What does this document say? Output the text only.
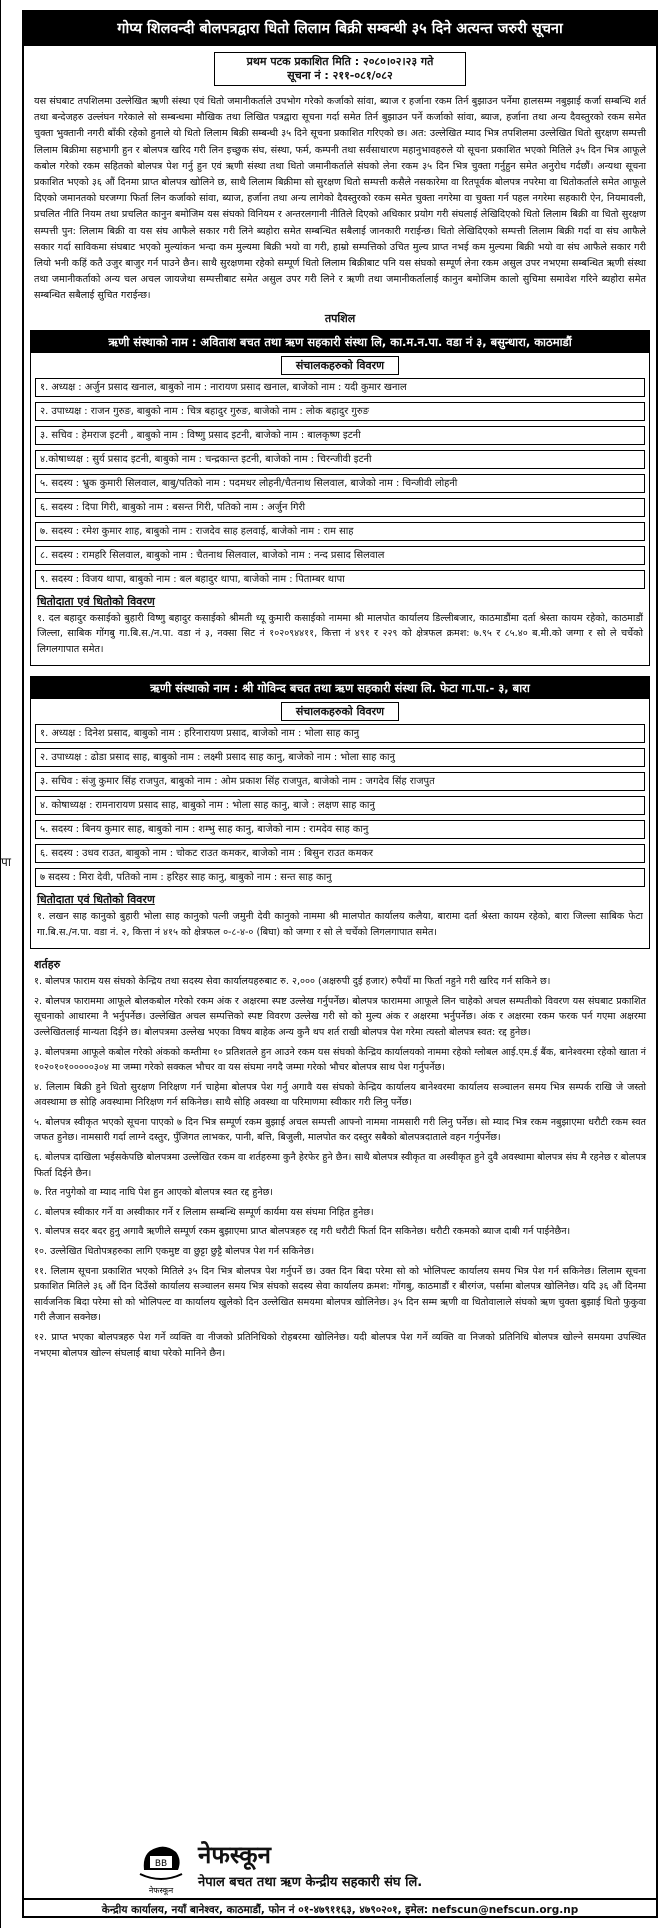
पा
गोप्य शिलवन्दी बोलपत्रद्वारा धितो लिलाम बिक्री सम्बन्धी ३५ दिने अत्यन्त जरुरी सूचना
प्रथम पटक प्रकाशित मिति : २०८०।०२।२३ गते
सूचना नं : २११-०८१/०८२
यस संघबाट तपशिलमा उल्लेखित ऋणी संस्था एवं धितो जमानीकर्ताले उपभोग गरेको कर्जाको सांवा, ब्याज र हर्जाना रकम तिर्न बुझाउन पर्नेमा हालसम्म नबुझाई कर्जा सम्बन्धि शर्त तथा बन्देजहरु उल्लंघन गरेकाले सो सम्बन्धमा मौखिक तथा लिखित पत्रद्वारा सूचना गर्दा समेत तिर्न बुझाउन पर्ने कर्जाको सांवा, ब्याज, हर्जाना तथा अन्य दैवस्तुरको रकम समेत चुक्ता भुक्तानी नगरी बाँकी रहेको हुनाले यो धितो लिलाम बिक्री सम्बन्धी ३५ दिने सूचना प्रकाशित गरिएको छ। अत: उल्लेखित म्याद भित्र तपशिलमा उल्लेखित धितो सुरक्षण सम्पत्ती लिलाम बिक्रीमा सहभागी हुन र बोलपत्र खरिद गरी लिन इच्छुक संघ, संस्था, फर्म, कम्पनी तथा सर्वसाधारण महानुभावहरुले यो सूचना प्रकाशित भएको मितिले ३५ दिन भित्र आफूले कबोल गरेको रकम सहितको बोलपत्र पेश गर्नु हुन एवं ऋणी संस्था तथा धितो जमानीकर्ताले संघको लेना रकम ३५ दिन भित्र चुक्ता गर्नुहुन समेत अनुरोध गर्दछौं। अन्यथा सूचना प्रकाशित भएको ३६ औं दिनमा प्राप्त बोलपत्र खोलिने छ, साथै लिलाम बिक्रीमा सो सुरक्षण धितो सम्पत्ती कसैले नसकारेमा वा रितपूर्वक बोलपत्र नपरेमा वा धितोकर्ताले समेत आफूले दिएको जमानतको घरजग्गा फिर्ता लिन कर्जाको सांवा, ब्याज, हर्जाना तथा अन्य लागेको दैवस्तुरको रकम समेत चुक्ता नगरेमा वा चुक्ता गर्न पहल नगरेमा सहकारी ऐन, नियमावली, प्रचलित नीति नियम तथा प्रचलित कानुन बमोजिम यस संघको विनियम र अन्तरलगानी नीतिले दिएको अधिकार प्रयोग गरी संघलाई लेखिदिएको धितो लिलाम बिक्री वा धितो सुरक्षण सम्पत्ती पुन: लिलाम बिक्री वा यस संघ आफैले सकार गरी लिने ब्यहोरा समेत सम्बन्धित सबैलाई जानकारी गराईन्छ। धितो लेखिदिएको सम्पत्ती लिलाम बिक्री गर्दा वा संघ आफैले सकार गर्दा साविकमा संघबाट भएको मुल्यांकन भन्दा कम मुल्यमा बिक्री भयो वा गरी, हाम्रो सम्पत्तिको उचित मुल्य प्राप्त नभई कम मुल्यमा बिक्री भयो वा संघ आफैले सकार गरी लियो भनी कहिं कतै उजुर बाजुर गर्न पाउने छैन। साथै सुरक्षणमा रहेको सम्पूर्ण धितो लिलाम बिक्रीबाट पनि यस संघको सम्पूर्ण लेना रकम असुल उपर नभएमा सम्बन्धित ऋणी संस्था तथा जमानीकर्ताको अन्य चल अचल जायजेथा सम्पत्तीबाट समेत असुल उपर गरी लिने र ऋणी तथा जमानीकर्तालाई कानुन बमोजिम कालो सुचिमा समावेश गरिने ब्यहोरा समेत सम्बन्धित सबैलाई सुचित गराईन्छ।
तपशिल
ऋणी संस्थाको नाम : अविताश बचत तथा ऋण सहकारी संस्था लि, का.म.न.पा. वडा नं ३, बसुन्धारा, काठमाडौं
संचालकहरुको विवरण
१. अध्यक्ष : अर्जुन प्रसाद खनाल, बाबुको नाम : नारायण प्रसाद खनाल, बाजेको नाम : यदी कुमार खनाल
२. उपाध्यक्ष : राजन गुरुङ, बाबुको नाम : चित्र बहादुर गुरुङ, बाजेको नाम : लोक बहादुर गुरुङ
३. सचिव : हेमराज इटनी , बाबुको नाम : विष्णु प्रसाद इटनी, बाजेको नाम : बालकृष्ण इटनी
४.कोषाध्यक्ष : सुर्य प्रसाद इटनी, बाबुको नाम : चन्द्रकान्त इटनी, बाजेको नाम : चिरन्जीवी इटनी
५. सदस्य : भ्रुक कुमारी सिलवाल, बाबु/पतिको नाम : पदमधर लोहनी/चैतनाथ सिलवाल, बाजेको नाम : चिन्जीवी लोहनी
६. सदस्य : दिपा गिरी, बाबुको नाम : बसन्त गिरी, पतिको नाम : अर्जुन गिरी
७. सदस्य : रमेश कुमार शाह, बाबुको नाम : राजदेव साह हलवाई, बाजेको नाम : राम साह
८. सदस्य : रामहरि सिलवाल, बाबुको नाम : चैतनाथ सिलवाल, बाजेको नाम : नन्द प्रसाद सिलवाल
९. सदस्य : विजय थापा, बाबुको नाम : बल बहादुर थापा, बाजेको नाम : पिताम्बर थापा
धितोदाता एवं धितोको विवरण
१. दल बहादुर कसाईको बुहारी विष्णु बहादुर कसाईको श्रीमती ध्यू कुमारी कसाईको नाममा श्री मालपोत कार्यालय डिल्लीबजार, काठमाडौंमा दर्ता श्रेस्ता कायम रहेको, काठमाडौं जिल्ला, साबिक गोंगबु गा.बि.स./न.पा. वडा नं ३, नक्सा सिट नं १०२०९४४११, कित्ता नं ४९१ र २२९ को क्षेत्रफल क्रमश: ७.९५ र ८५.४० ब.मी.को जग्गा र सो ले चर्चेको लिगलगापात समेत।
ऋणी संस्थाको नाम : श्री गोविन्द बचत तथा ऋण सहकारी संस्था लि. फेटा गा.पा.- ३, बारा
संचालकहरुको विवरण
१. अध्यक्ष : दिनेश प्रसाद, बाबुको नाम : हरिनारायण प्रसाद, बाजेको नाम : भोला साह कानु
२. उपाध्यक्ष : ढोडा प्रसाद साह, बाबुको नाम : लक्ष्मी प्रसाद साह कानु, बाजेको नाम : भोला साह कानु
३. सचिव : संजु कुमार सिंह राजपुत, बाबुको नाम : ओम प्रकाश सिंह राजपुत, बाजेको नाम : जगदेव सिंह राजपुत
४. कोषाध्यक्ष : रामनारायण प्रसाद साह, बाबुको नाम : भोला साह कानु, बाजे : लक्षण साह कानु
५. सदस्य : बिनय कुमार साह, बाबुको नाम : शम्भु साह कानु, बाजेको नाम : रामदेव साह कानु
६. सदस्य : उधव राउत, बाबुको नाम : चोकट राउत कमकर, बाजेको नाम : बिसुन राउत कमकर
७ सदस्य : मिरा देवी, पतिको नाम : हरिहर साह कानु, बाबुको नाम : सन्त साह कानु
धितोदाता एवं धितोको विवरण
१. लखन साह कानुको बुहारी भोला साह कानुको पत्नी जमुनी देवी कानुको नाममा श्री मालपोत कार्यालय कलैया, बारामा दर्ता श्रेस्ता कायम रहेको, बारा जिल्ला साबिक फेटा गा.बि.स./न.पा. वडा नं. २, कित्ता नं ४१५ को क्षेत्रफल ०-८-४-० (बिघा) को जग्गा र सो ले चर्चेको लिगलगापात समेत।
शर्तहरु

१. बोलपत्र फाराम यस संघको केन्द्रिय तथा सदस्य सेवा कार्यालयहरुबाट रु. २,००० (अक्षरुपी दुई हजार) रुपैयाँ मा फिर्ता नहुने गरी खरिद गर्न सकिने छ।

२. बोलपत्र फाराममा आफूले बोलकबोल गरेको रकम अंक र अक्षरमा स्पष्ट उल्लेख गर्नुपर्नेछ। बोलपत्र फाराममा आफूले लिन चाहेको अचल सम्पतीको विवरण यस संघबाट प्रकाशित सूचनाको आधारमा नै भर्नुपर्नेछ। उल्लेखित अचल सम्पत्तिको स्पष्ट विवरण उल्लेख गरी सो को मुल्य अंक र अक्षरमा भर्नुपर्नेछ। अंक र अक्षरमा रकम फरक पर्न गएमा अक्षरमा उल्लेखितलाई मान्यता दिईने छ। बोलपत्रमा उल्लेख भएका विषय बाहेक अन्य कुनै थप शर्त राखी बोलपत्र पेश गरेमा त्यस्तो बोलपत्र स्वत: रद्द हुनेछ।

३. बोलपत्रमा आफूले कबोल गरेको अंकको कम्तीमा १० प्रतिशतले हुन आउने रकम यस संघको केन्द्रिय कार्यालयको नाममा रहेको ग्लोबल आई.एम.ई बैंक, बानेश्वरमा रहेको खाता नं १०२०१०१०००००३०४ मा जम्मा गरेको सक्कल भौचर वा यस संघमा नगदै जम्मा गरेको भौचर बोलपत्र साथ पेश गर्नुपर्नेछ।

४. लिलाम बिक्री हुने धितो सुरक्षण निरिक्षण गर्न चाहेमा बोलपत्र पेश गर्नु अगावै यस संघको केन्द्रिय कार्यालय बानेश्वरमा कार्यालय सञ्चालन समय भित्र सम्पर्क राखि जे जस्तो अवस्थामा छ सोहि अवस्थामा निरिक्षण गर्न सकिनेछ। साथै सोहि अवस्था वा परिमाणमा स्वीकार गरी लिनु पर्नेछ।

५. बोलपत्र स्वीकृत भएको सूचना पाएको ७ दिन भित्र सम्पूर्ण रकम बुझाई अचल सम्पत्ती आफ्नो नाममा नामसारी गरी लिनु पर्नेछ। सो म्याद भित्र रकम नबुझाएमा धरौटी रकम स्वत जफत हुनेछ। नामसारी गर्दा लाग्ने दस्तुर, पुँजिगत लाभकर, पानी, बत्ति, बिजुली, मालपोत कर दस्तुर सबैको बोलपत्रदाताले वहन गर्नुपर्नेछ।

६. बोलपत्र दाखिला भईसकेपछि बोलपत्रमा उल्लेखित रकम वा शर्तहरुमा कुनै हेरफेर हुने छैन। साथै बोलपत्र स्वीकृत वा अस्वीकृत हुने दुवै अवस्थामा बोलपत्र संघ मै रहनेछ र बोलपत्र फिर्ता दिईने छैन।

७. रित नपुगेको वा म्याद नाघि पेश हुन आएको बोलपत्र स्वत रद्द हुनेछ।

८. बोलपत्र स्वीकार गर्ने वा अस्वीकार गर्ने र लिलाम सम्बन्धि सम्पूर्ण कार्यमा यस संघमा निहित हुनेछ।

९. बोलपत्र सदर बदर हुनु अगावै ऋणीले सम्पूर्ण रकम बुझाएमा प्राप्त बोलपत्रहरु रद्द गरी धरौटी फिर्ता दिन सकिनेछ। धरौटी रकमको ब्याज दाबी गर्न पाईनेछैन।

१०. उल्लेखित धितोपत्रहरुका लागि एकमुष्ट वा छुट्टा छुट्टै बोलपत्र पेश गर्न सकिनेछ।

११. लिलाम सूचना प्रकाशित भएको मितिले ३५ दिन भित्र बोलपत्र पेश गर्नुपर्ने छ। उक्त दिन बिदा परेमा सो को भोलिपल्ट कार्यालय समय भित्र पेश गर्न सकिनेछ। लिलाम सूचना प्रकाशित मितिले ३६ औं दिन दिउँसो कार्यालय सञ्चालन समय भित्र संघको सदस्य सेवा कार्यालय क्रमश: गोंगबु, काठमाडौं र बीरगंज, पर्सामा बोलपत्र खोलिनेछ। यदि ३६ औं दिनमा सार्वजनिक बिदा परेमा सो को भोलिपल्ट वा कार्यालय खुलेको दिन उल्लेखित समयमा बोलपत्र खोलिनेछ। ३५ दिन सम्म ऋणी वा धितोवालाले संघको ऋण चुक्ता बुझाई धितो फुकुवा गरी लैजान सक्नेछ।

१२. प्राप्त भएका बोलपत्रहरु पेश गर्ने व्यक्ति वा नीजको प्रतिनिधिको रोहबरमा खोलिनेछ। यदी बोलपत्र पेश गर्ने व्यक्ति वा निजको प्रतिनिधि बोलपत्र खोल्ने समयमा उपस्थित नभएमा बोलपत्र खोल्न संघलाई बाधा परेको मानिने छैन।

BB
नेफस्कून
नेफस्कून
नेपाल बचत तथा ऋण केन्द्रीय सहकारी संघ लि.
केन्द्रीय कार्यालय, नयाँ बानेश्वर, काठमाडौं, फोन नं ०१-४७९११६३, ४७९०२०१, इमेल: nefscun@nefscun.org.np
